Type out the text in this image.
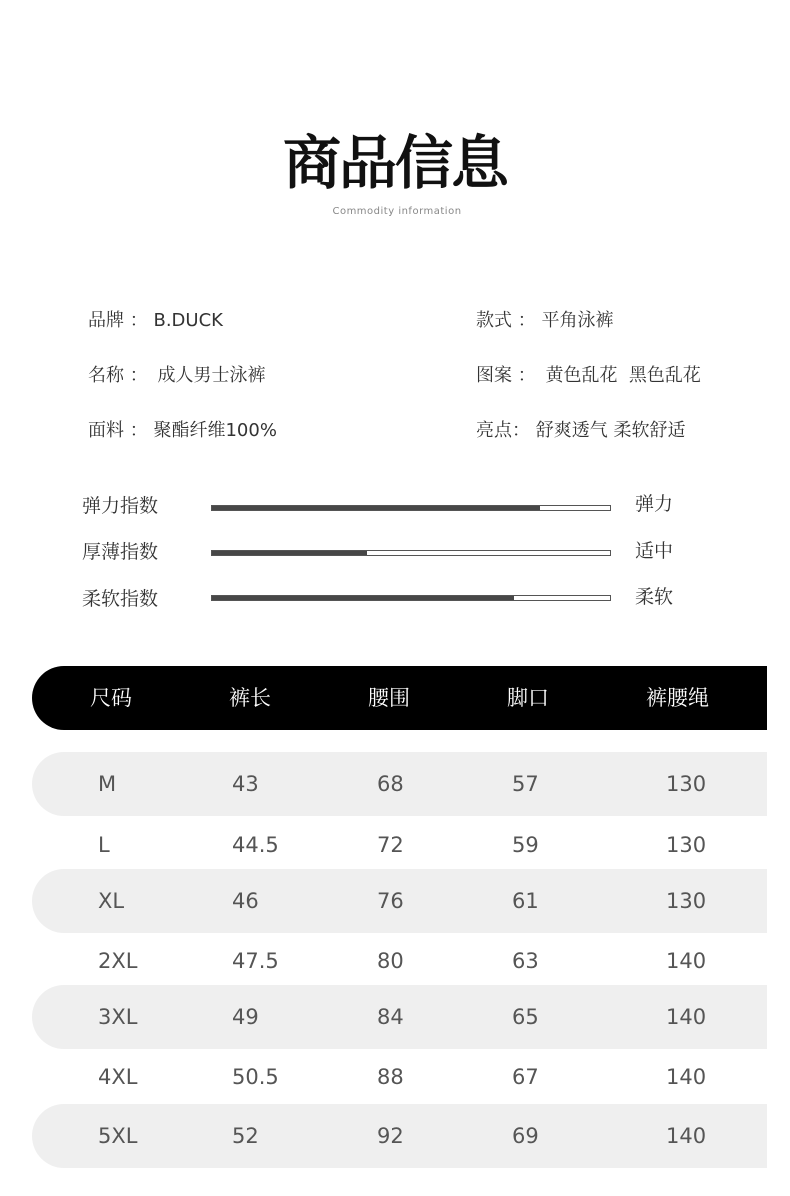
商品信息
Commodity information
品牌 ： B.DUCK	款式 ： 平角泳裤
名称 ： 成人男士泳裤	图案 ： 黄色乱花  黑色乱花
面料 ： 聚酯纤维100%	亮点： 舒爽透气 柔软舒适
弹力指数	弹力
厚薄指数	适中
柔软指数	柔软
尺码	裤长	腰围	脚口	裤腰绳
M	43	68	57	130
L	44.5	72	59	130
XL	46	76	61	130
2XL	47.5	80	63	140
3XL	49	84	65	140
4XL	50.5	88	67	140
5XL	52	92	69	140
